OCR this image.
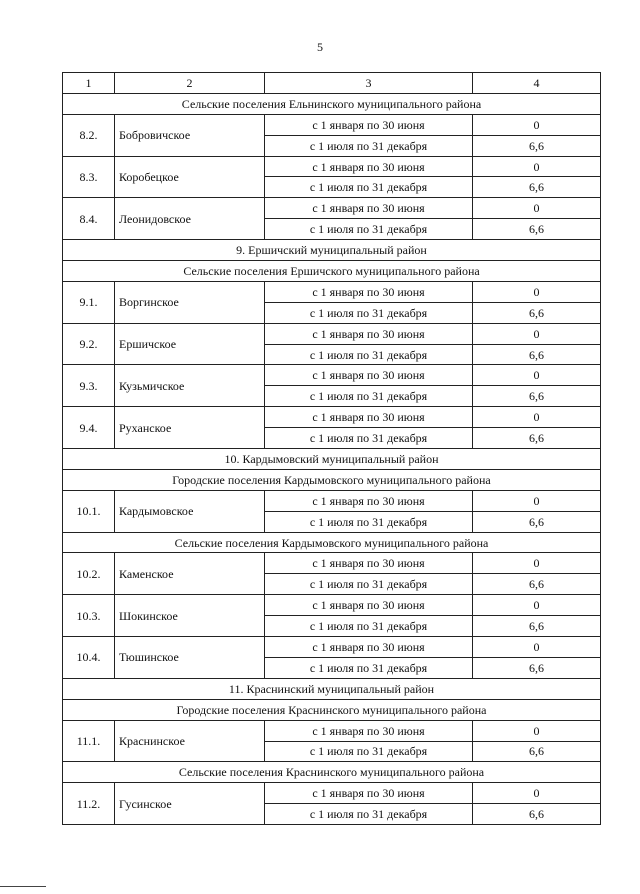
5
1	2	3	4
Сельские поселения Ельнинского муниципального района			
8.2.	Бобровичское	с 1 января по 30 июня	0
		с 1 июля по 31 декабря	6,6
8.3.	Коробецкое	с 1 января по 30 июня	0
		с 1 июля по 31 декабря	6,6
8.4.	Леонидовское	с 1 января по 30 июня	0
		с 1 июля по 31 декабря	6,6
9. Ершичский муниципальный район			
Сельские поселения Ершичского муниципального района			
9.1.	Воргинское	с 1 января по 30 июня	0
		с 1 июля по 31 декабря	6,6
9.2.	Ершичское	с 1 января по 30 июня	0
		с 1 июля по 31 декабря	6,6
9.3.	Кузьмичское	с 1 января по 30 июня	0
		с 1 июля по 31 декабря	6,6
9.4.	Руханское	с 1 января по 30 июня	0
		с 1 июля по 31 декабря	6,6
10. Кардымовский муниципальный район			
Городские поселения Кардымовского муниципального района			
10.1.	Кардымовское	с 1 января по 30 июня	0
		с 1 июля по 31 декабря	6,6
Сельские поселения Кардымовского муниципального района			
10.2.	Каменское	с 1 января по 30 июня	0
		с 1 июля по 31 декабря	6,6
10.3.	Шокинское	с 1 января по 30 июня	0
		с 1 июля по 31 декабря	6,6
10.4.	Тюшинское	с 1 января по 30 июня	0
		с 1 июля по 31 декабря	6,6
11. Краснинский муниципальный район			
Городские поселения Краснинского муниципального района			
11.1.	Краснинское	с 1 января по 30 июня	0
		с 1 июля по 31 декабря	6,6
Сельские поселения Краснинского муниципального района			
11.2.	Гусинское	с 1 января по 30 июня	0
		с 1 июля по 31 декабря	6,6
